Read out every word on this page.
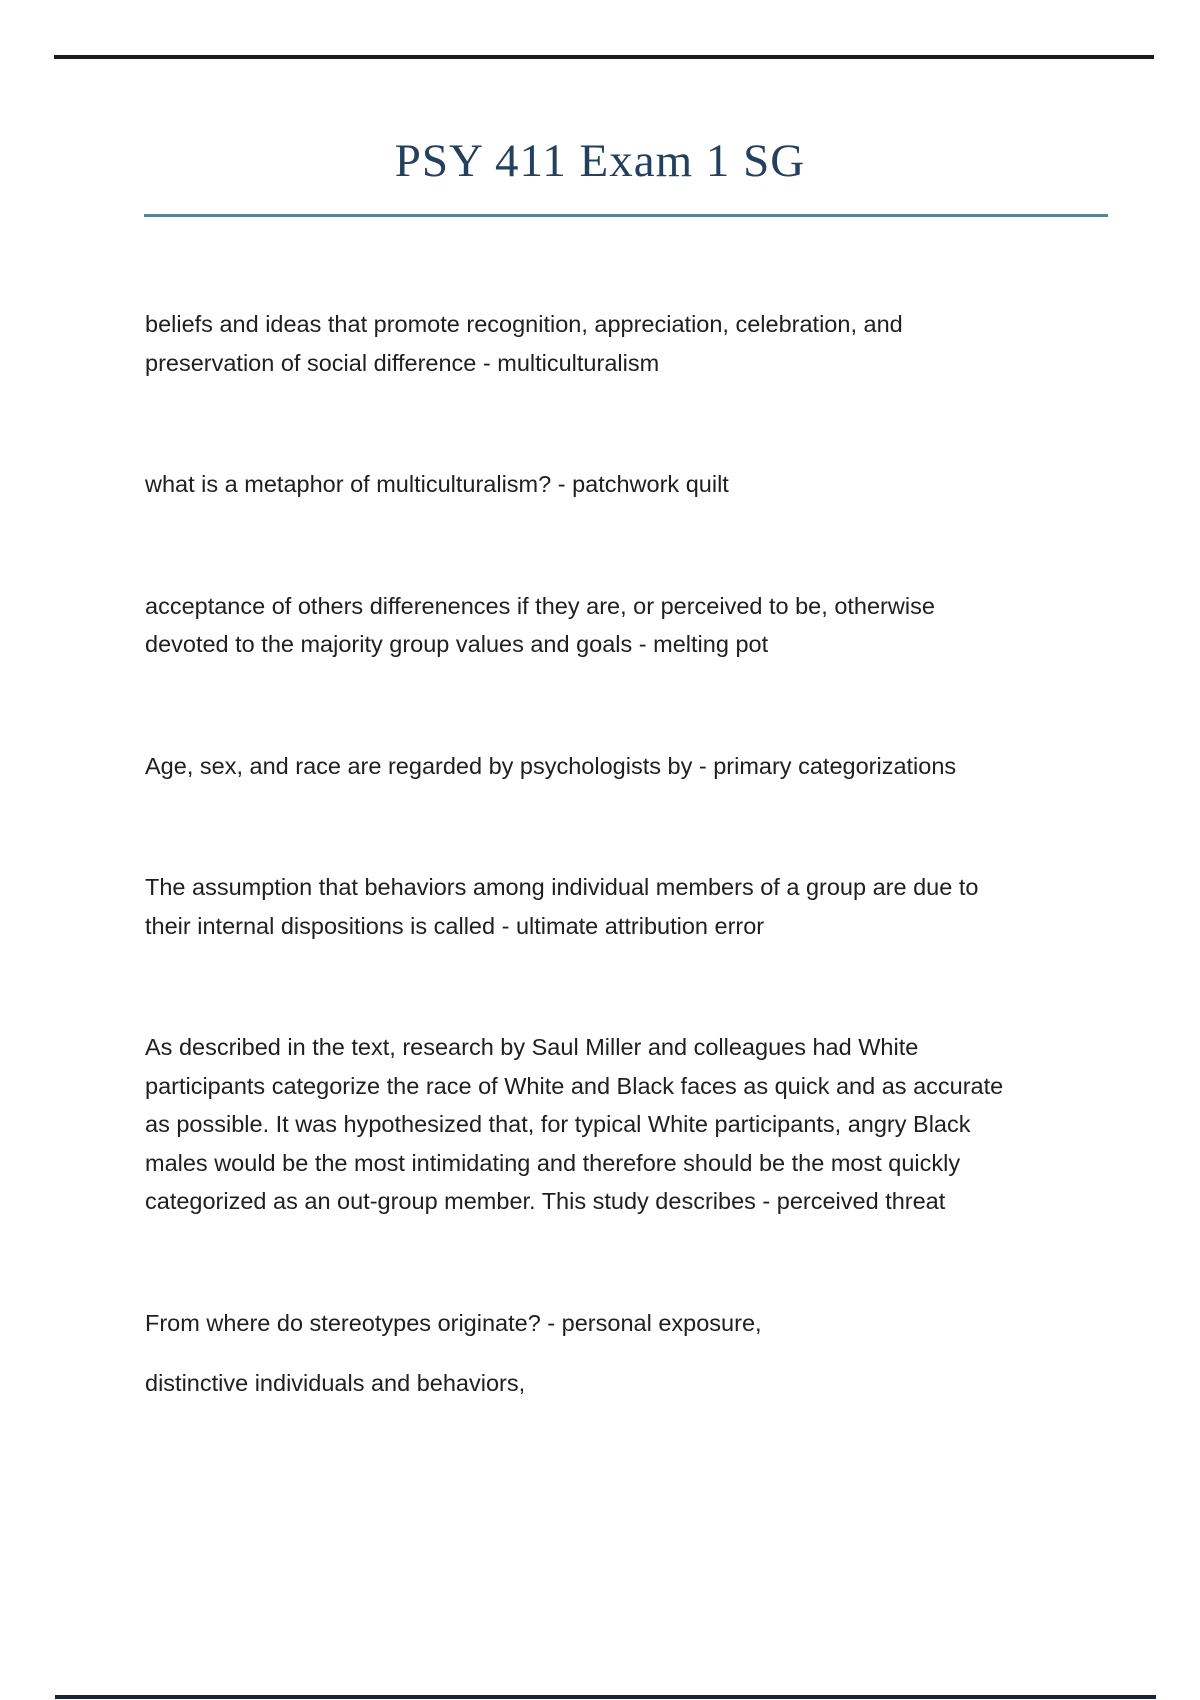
PSY 411 Exam 1 SG
beliefs and ideas that promote recognition, appreciation, celebration, and
preservation of social difference - multiculturalism
what is a metaphor of multiculturalism? - patchwork quilt
acceptance of others differenences if they are, or perceived to be, otherwise
devoted to the majority group values and goals - melting pot
Age, sex, and race are regarded by psychologists by - primary categorizations
The assumption that behaviors among individual members of a group are due to
their internal dispositions is called - ultimate attribution error
As described in the text, research by Saul Miller and colleagues had White
participants categorize the race of White and Black faces as quick and as accurate
as possible. It was hypothesized that, for typical White participants, angry Black
males would be the most intimidating and therefore should be the most quickly
categorized as an out-group member. This study describes - perceived threat
From where do stereotypes originate? - personal exposure,
distinctive individuals and behaviors,
